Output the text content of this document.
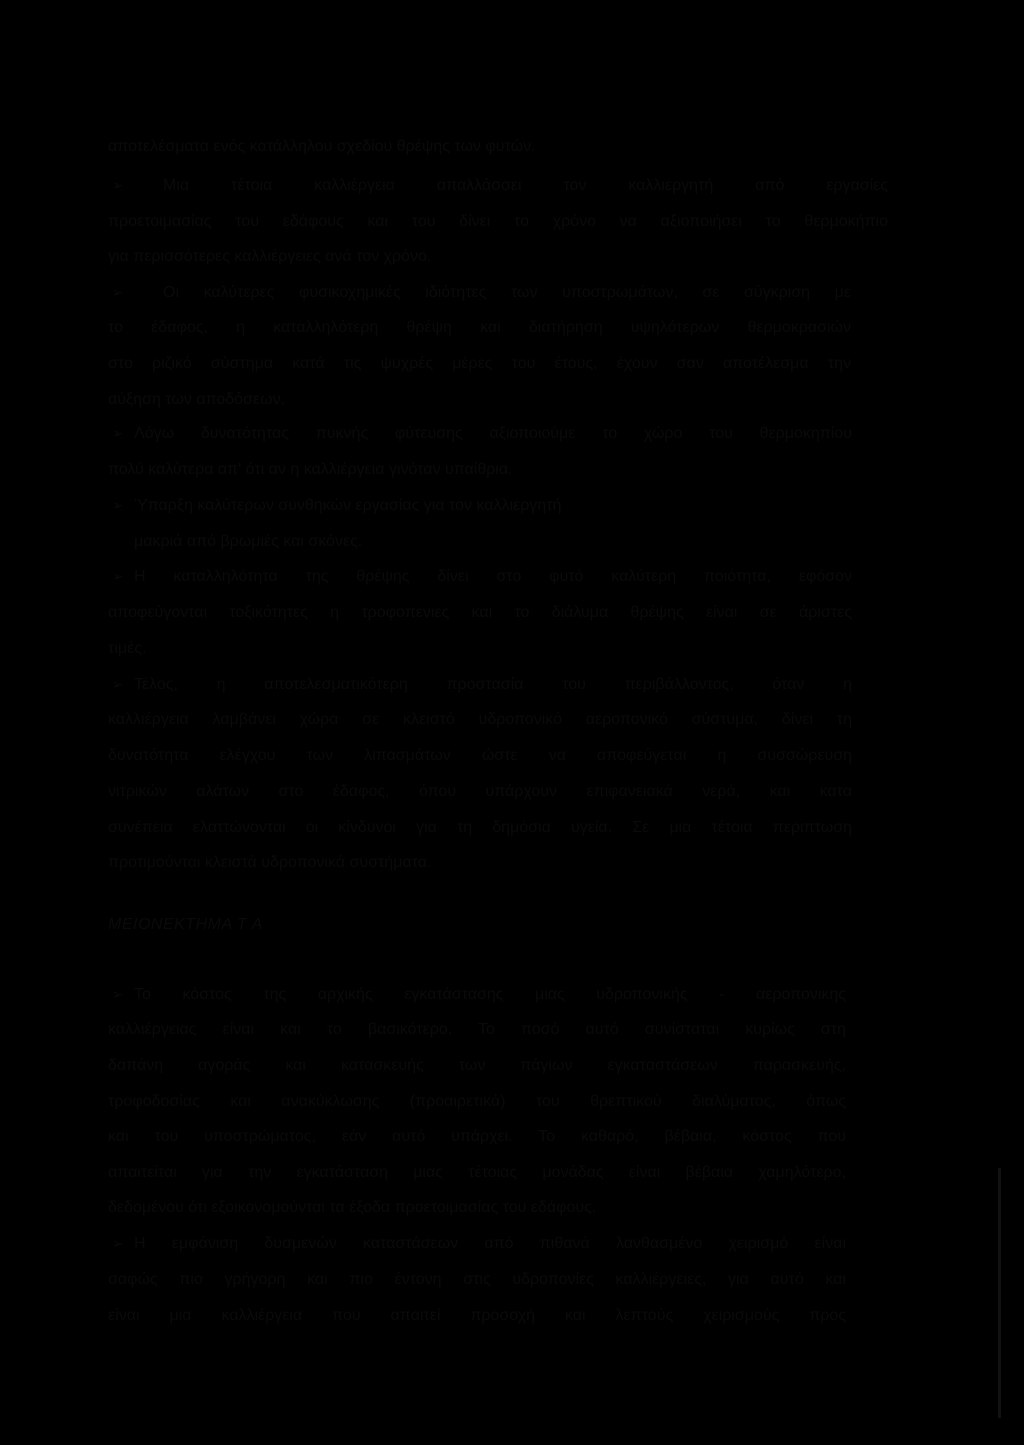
αποτελέσματα ενός κατάλληλου σχεδίου θρέψης των φυτών.
➢ Μια τέτοια καλλιέργεια απαλλάσσει τον καλλιεργητή από εργασίες
προετοιμασίας του εδάφους και του δίνει το χρόνο να αξιοποιήσει το θερμοκήπιο
για περισσότερες καλλιέργειες ανά τον χρόνο.
➢ Οι καλύτερες φυσικοχημικές ιδιότητες των υποστρωμάτων, σε σύγκριση με
το έδαφος, η καταλληλότερη θρέψη και διατήρηση υψηλότερων θερμοκρασιών
στο ριζικό σύστημα κατά τις ψυχρές μέρες του έτους, έχουν σαν αποτέλεσμα την
αύξηση των αποδόσεων.
➢ Λόγω δυνατότητας πυκνής φύτευσης αξιοποιούμε το χώρο του θερμοκηπίου
πολύ καλύτερα απ' ότι αν η καλλιέργεια γινόταν υπαίθρια.
➢ Ύπαρξη καλύτερων συνθηκών εργασίας για τον καλλιεργητή
μακριά από βρωμιές και σκόνες.
➢ Η καταλληλότητα της θρέψης δίνει στο φυτό καλύτερη ποιότητα, εφόσον
αποφεύγονται τοξικότητες η τροφοπενιες και το διάλυμα θρέψης είναι σε άριστες
τιμές.
➢ Τέλος, η αποτελεσματικότερη προστασία του περιβάλλοντος, όταν η
καλλιέργεια λαμβάνει χώρα σε κλειστό υδροπονικό αεροπονικό σύστυμα, δίνει τη
δυνατότητα ελέγχου των λιπασμάτων ώστε να αποφεύγεται η συσσώρευση
νιτρικών αλάτων στο έδαφος, όπου υπάρχουν επιφανειακά νερά, και κατα
συνέπεια ελαττώνονται οι κίνδυνοι για τη δημόσια υγεία. Σε μια τέτοια περιπτωση
προτιμούνται κλειστά υδροπονικά συστήματα.
ΜΕΙΟΝΕΚΤΗΜΑ Τ Α
➢ Το κόστος της αρχικής εγκατάστασης μιας υδροπονικής - αεροπονικης
καλλιέργειας είναι και το βασικότερο. Το ποσό αυτό συνίσταται κυρίως στη
δαπάνη αγοράς και κατασκευής των πάγιων εγκαταστάσεων παρασκευής,
τροφοδοσίας και ανακύκλωσης (προαιρετικά) του θρεπτικού διαλύματος, όπως
και του υποστρώματος, εάν αυτό υπάρχει. Το καθαρό, βέβαια, κόστος που
απαιτείται για την εγκατάσταση μιας τέτοιας μονάδας είναι βέβαια χαμηλότερο,
δεδομένου ότι εξοικονομούνται τα έξοδα προετοιμασίας του εδάφους.
➢ Η εμφάνιση δυσμενών καταστάσεων από πιθανά λανθασμένο χειρισμό είναι
σαφώς πιο γρήγορη και πιο έντονη στις υδροπονίες καλλιέργειες, για αυτό και
είναι μια καλλιέργεια που απαιτεί προσοχή και λεπτούς χειρισμούς προς
